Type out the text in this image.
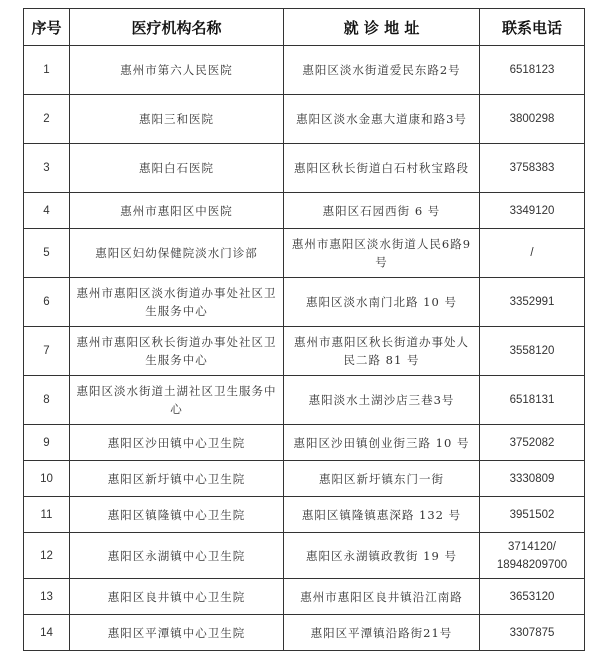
序号	医疗机构名称	就 诊 地 址	联系电话
1	惠州市第六人民医院	惠阳区淡水街道爱民东路2号	6518123
2	惠阳三和医院	惠阳区淡水金惠大道康和路3号	3800298
3	惠阳白石医院	惠阳区秋长街道白石村秋宝路段	3758383
4	惠州市惠阳区中医院	惠阳区石园西街 6 号	3349120
5	惠阳区妇幼保健院淡水门诊部	惠州市惠阳区淡水街道人民6路9号	/
6	惠州市惠阳区淡水街道办事处社区卫生服务中心	惠阳区淡水南门北路 10 号	3352991
7	惠州市惠阳区秋长街道办事处社区卫生服务中心	惠州市惠阳区秋长街道办事处人民二路 81 号	3558120
8	惠阳区淡水街道土湖社区卫生服务中心	惠阳淡水土湖沙店三巷3号	6518131
9	惠阳区沙田镇中心卫生院	惠阳区沙田镇创业街三路 10 号	3752082
10	惠阳区新圩镇中心卫生院	惠阳区新圩镇东门一街	3330809
11	惠阳区镇隆镇中心卫生院	惠阳区镇隆镇惠深路 132 号	3951502
12	惠阳区永湖镇中心卫生院	惠阳区永湖镇政教街 19 号	3714120/ 18948209700
13	惠阳区良井镇中心卫生院	惠州市惠阳区良井镇沿江南路	3653120
14	惠阳区平潭镇中心卫生院	惠阳区平潭镇沿路街21号	3307875
